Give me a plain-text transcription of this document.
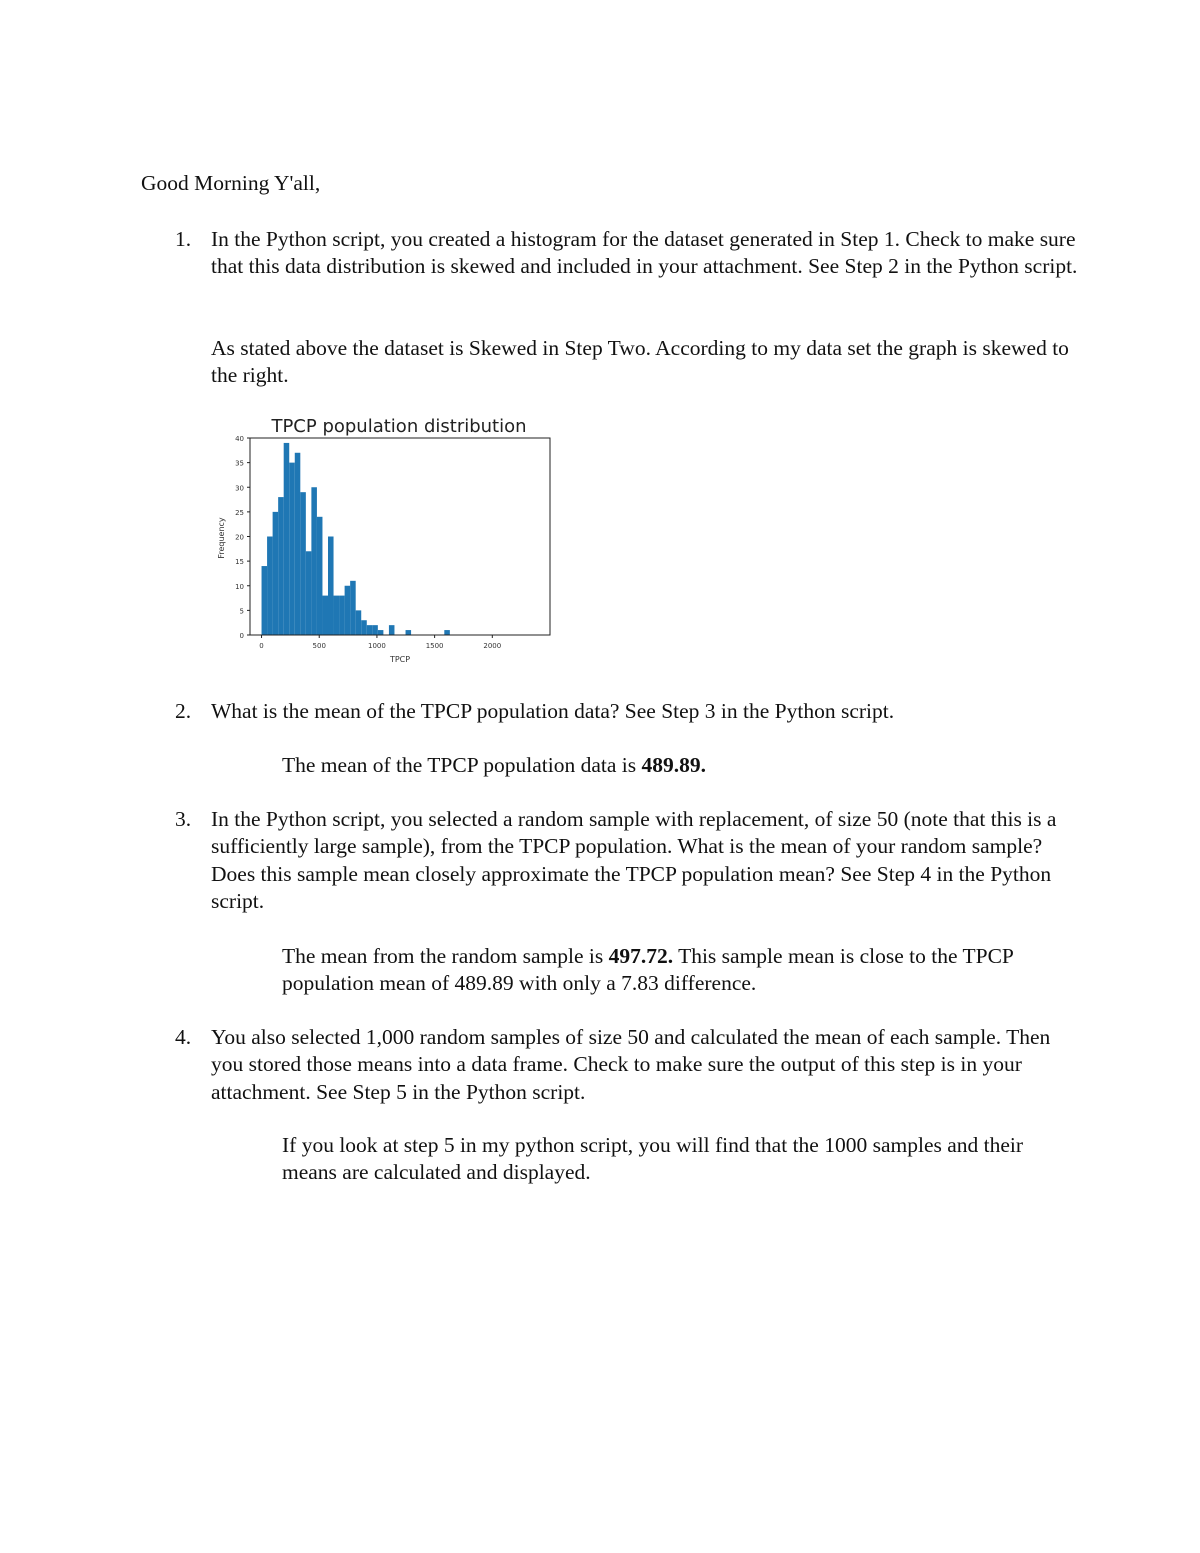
Good Morning Y'all,
1. In the Python script, you created a histogram for the dataset generated in Step 1. Check to make sure that this data distribution is skewed and included in your attachment. See Step 2 in the Python script.
As stated above the dataset is Skewed in Step Two. According to my data set the graph is skewed to the right.
TPCP population distribution
0
5
10
15
20
25
30
35
40
0	500	1000	1500	2000
Frequency
TPCP
2. What is the mean of the TPCP population data? See Step 3 in the Python script.
The mean of the TPCP population data is 489.89.
3. In the Python script, you selected a random sample with replacement, of size 50 (note that this is a sufficiently large sample), from the TPCP population. What is the mean of your random sample? Does this sample mean closely approximate the TPCP population mean? See Step 4 in the Python script.
The mean from the random sample is 497.72. This sample mean is close to the TPCP population mean of 489.89 with only a 7.83 difference.
4. You also selected 1,000 random samples of size 50 and calculated the mean of each sample. Then you stored those means into a data frame. Check to make sure the output of this step is in your attachment. See Step 5 in the Python script.
If you look at step 5 in my python script, you will find that the 1000 samples and their means are calculated and displayed.
